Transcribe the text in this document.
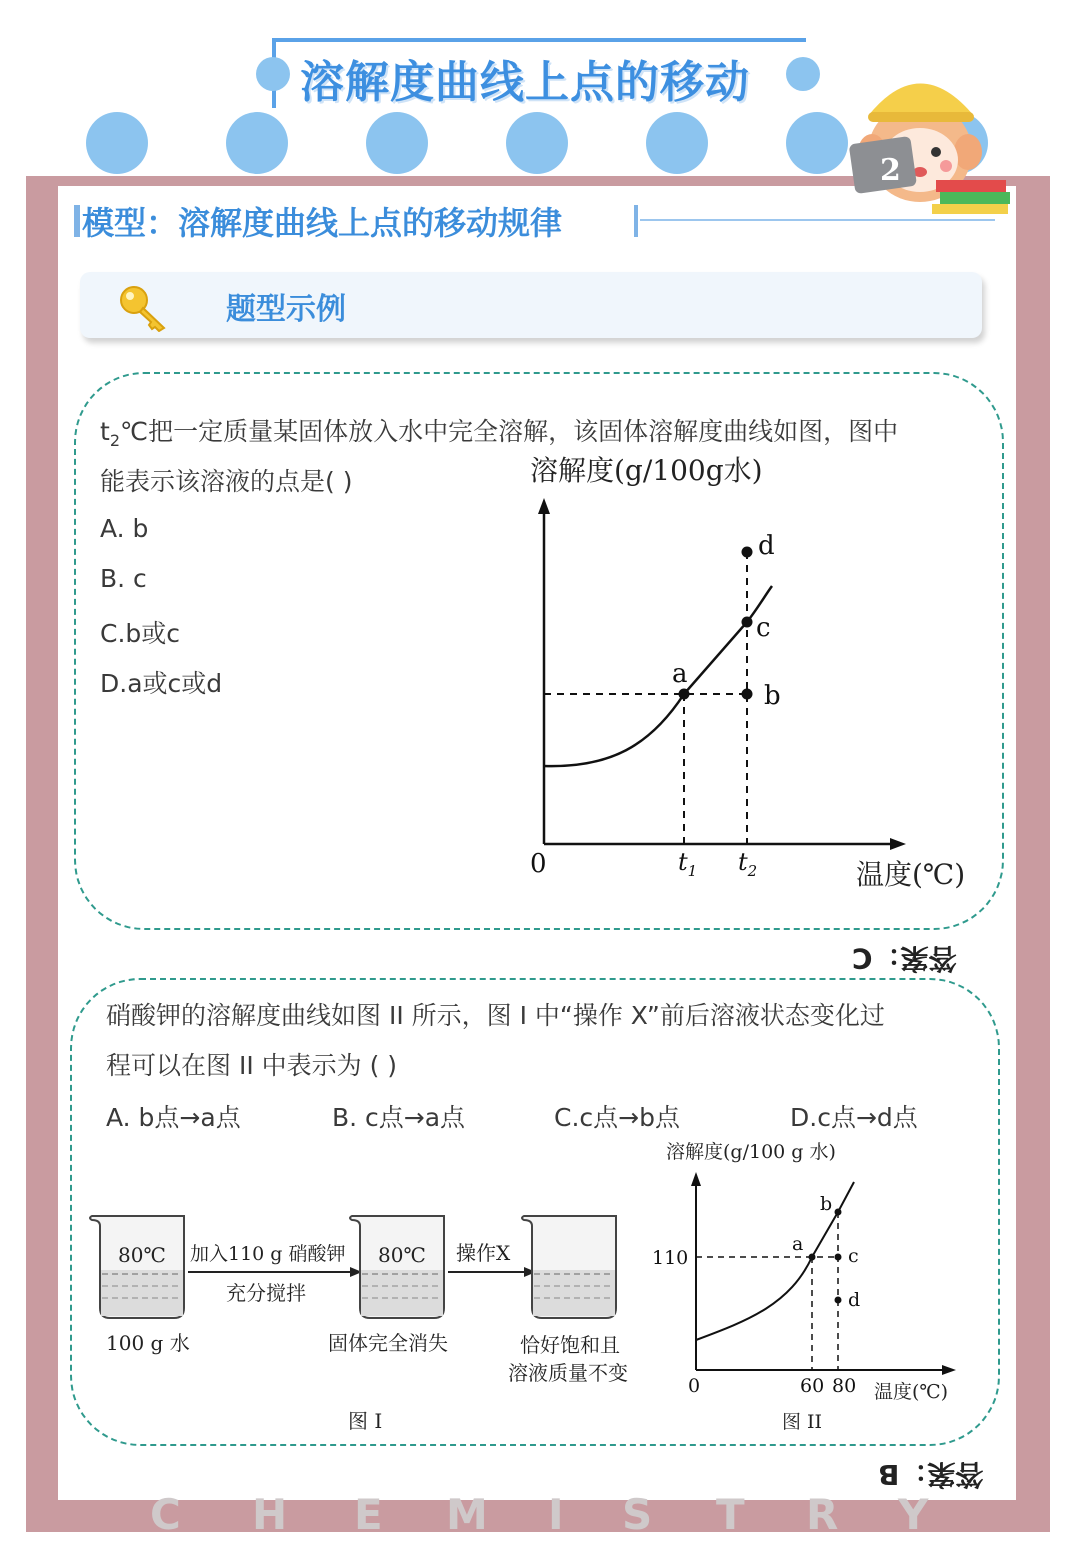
溶解度曲线上点的移动
2
模型：溶解度曲线上点的移动规律
题型示例
$t_2℃$把一定质量某固体放入水中完全溶解，该固体溶解度曲线如图，图中
能表示该溶液的点是( )
A. b
B. c
C.b或c
D.a或c或d
溶解度(g/100g水)
a
b
c
d
0	$t_1$ $t_2$	温度(℃)
答案：C
硝酸钾的溶解度曲线如图 II 所示，图 I 中“操作 X”前后溶液状态变化过
程可以在图 II 中表示为 ( )
A. b点→a点	B. c点→a点	C.c点→b点	D.c点→d点
80℃
100 g 水
加入110 g 硝酸钾
充分搅拌
80℃
固体完全消失
操作X
恰好饱和且
溶液质量不变
图 I
溶解度(g/100 g 水)
a
b
c
d
110
0	60 80 温度(℃)
图 II
答案：B
C H E M I S T R Y
